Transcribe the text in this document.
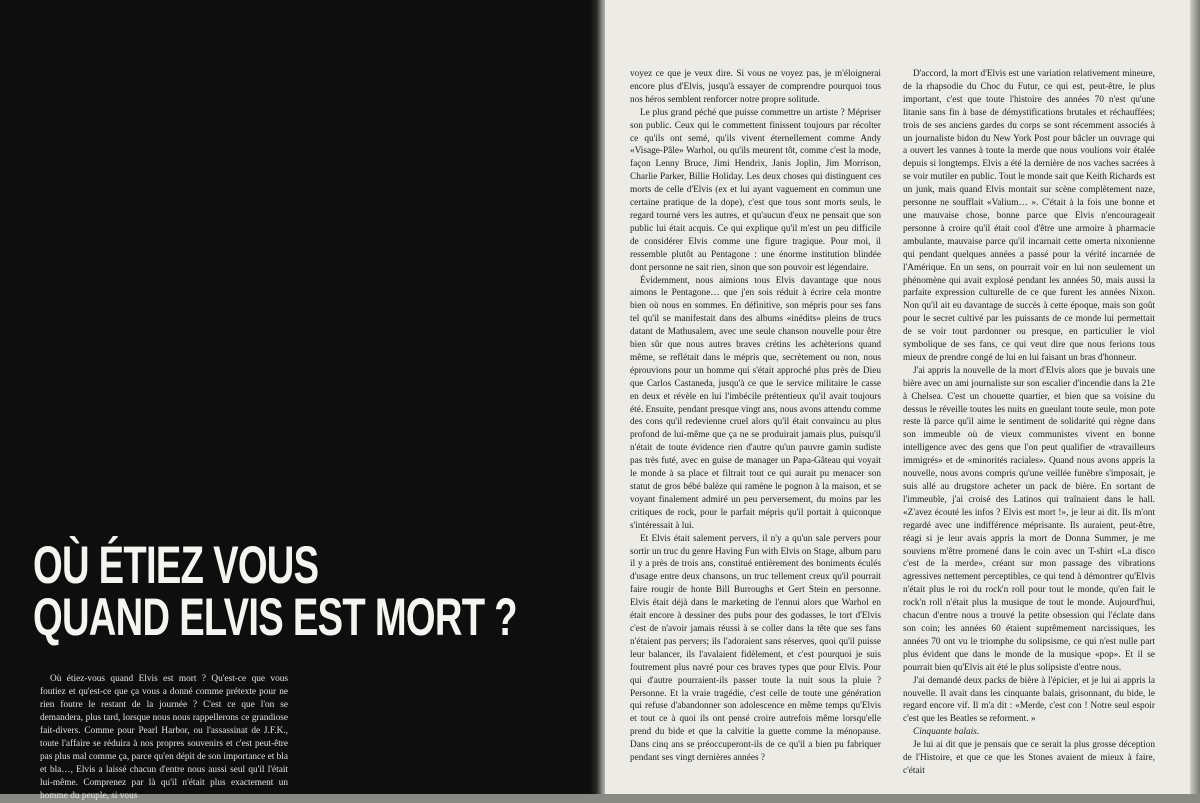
OÙ ÉTIEZ VOUS
QUAND ELVIS EST MORT ?

Où étiez-vous quand Elvis est mort ? Qu'est-ce que vous foutiez et qu'est-ce que ça vous a donné comme prétexte pour ne rien foutre le restant de la journée ? C'est ce que l'on se demandera, plus tard, lorsque nous nous rappellerons ce grandiose fait-divers. Comme pour Pearl Harbor, ou l'assassinat de J.F.K., toute l'affaire se réduira à nos propres souvenirs et c'est peut-être pas plus mal comme ça, parce qu'en dépit de son importance et bla et bla…, Elvis a laissé chacun d'entre nous aussi seul qu'il l'était lui-même. Comprenez par là qu'il n'était plus exactement un homme du peuple, si vous

voyez ce que je veux dire. Si vous ne voyez pas, je m'éloignerai encore plus d'Elvis, jusqu'à essayer de comprendre pourquoi tous nos héros semblent renforcer notre propre solitude.

Le plus grand péché que puisse commettre un artiste ? Mépriser son public. Ceux qui le commettent finissent toujours par récolter ce qu'ils ont semé, qu'ils vivent éternellement comme Andy «Visage-Pâle» Warhol, ou qu'ils meurent tôt, comme c'est la mode, façon Lenny Bruce, Jimi Hendrix, Janis Joplin, Jim Morrison, Charlie Parker, Billie Holiday. Les deux choses qui distinguent ces morts de celle d'Elvis (ex et lui ayant vaguement en commun une certaine pratique de la dope), c'est que tous sont morts seuls, le regard tourné vers les autres, et qu'aucun d'eux ne pensait que son public lui était acquis. Ce qui explique qu'il m'est un peu difficile de considérer Elvis comme une figure tragique. Pour moi, il ressemble plutôt au Pentagone : une énorme institution blindée dont personne ne sait rien, sinon que son pouvoir est légendaire.

Évidemment, nous aimions tous Elvis davantage que nous aimons le Pentagone… que j'en sois réduit à écrire cela montre bien où nous en sommes. En définitive, son mépris pour ses fans tel qu'il se manifestait dans des albums «inédits» pleins de trucs datant de Mathusalem, avec une seule chanson nouvelle pour être bien sûr que nous autres braves crétins les achèterions quand même, se reflétait dans le mépris que, secrètement ou non, nous éprouvions pour un homme qui s'était approché plus près de Dieu que Carlos Castaneda, jusqu'à ce que le service militaire le casse en deux et révèle en lui l'imbécile prétentieux qu'il avait toujours été. Ensuite, pendant presque vingt ans, nous avons attendu comme des cons qu'il redevienne cruel alors qu'il était convaincu au plus profond de lui-même que ça ne se produirait jamais plus, puisqu'il n'était de toute évidence rien d'autre qu'un pauvre gamin sudiste pas très futé, avec en guise de manager un Papa-Gâteau qui voyait le monde à sa place et filtrait tout ce qui aurait pu menacer son statut de gros bébé balèze qui ramène le pognon à la maison, et se voyant finalement admiré un peu perversement, du moins par les critiques de rock, pour le parfait mépris qu'il portait à quiconque s'intéressait à lui.

Et Elvis était salement pervers, il n'y a qu'un sale pervers pour sortir un truc du genre Having Fun with Elvis on Stage, album paru il y a près de trois ans, constitué entièrement des boniments éculés d'usage entre deux chansons, un truc tellement creux qu'il pourrait faire rougir de honte Bill Burroughs et Gert Stein en personne. Elvis était déjà dans le marketing de l'ennui alors que Warhol en était encore à dessiner des pubs pour des godasses, le tort d'Elvis c'est de n'avoir jamais réussi à se coller dans la tête que ses fans n'étaient pas pervers; ils l'adoraient sans réserves, quoi qu'il puisse leur balancer, ils l'avalaient fidèlement, et c'est pourquoi je suis foutrement plus navré pour ces braves types que pour Elvis. Pour qui d'autre pourraient-ils passer toute la nuit sous la pluie ? Personne. Et la vraie tragédie, c'est celle de toute une génération qui refuse d'abandonner son adolescence en même temps qu'Elvis et tout ce à quoi ils ont pensé croire autrefois même lorsqu'elle prend du bide et que la calvitie la guette comme la ménopause. Dans cinq ans se préoccuperont-ils de ce qu'il a bien pu fabriquer pendant ses vingt dernières années ?

D'accord, la mort d'Elvis est une variation relativement mineure, de la rhapsodie du Choc du Futur, ce qui est, peut-être, le plus important, c'est que toute l'histoire des années 70 n'est qu'une litanie sans fin à base de démystifications brutales et réchauffées; trois de ses anciens gardes du corps se sont récemment associés à un journaliste bidon du New York Post pour bâcler un ouvrage qui a ouvert les vannes à toute la merde que nous voulions voir étalée depuis si longtemps. Elvis a été la dernière de nos vaches sacrées à se voir mutiler en public. Tout le monde sait que Keith Richards est un junk, mais quand Elvis montait sur scène complètement naze, personne ne soufflait «Valium… ». C'était à la fois une bonne et une mauvaise chose, bonne parce que Elvis n'encourageait personne à croire qu'il était cool d'être une armoire à pharmacie ambulante, mauvaise parce qu'il incarnait cette omerta nixonienne qui pendant quelques années a passé pour la vérité incarnée de l'Amérique. En un sens, on pourrait voir en lui non seulement un phénomène qui avait explosé pendant les années 50, mais aussi la parfaite expression culturelle de ce que furent les années Nixon. Non qu'il ait eu davantage de succès à cette époque, mais son goût pour le secret cultivé par les puissants de ce monde lui permettait de se voir tout pardonner ou presque, en particulier le viol symbolique de ses fans, ce qui veut dire que nous ferions tous mieux de prendre congé de lui en lui faisant un bras d'honneur.

J'ai appris la nouvelle de la mort d'Elvis alors que je buvais une bière avec un ami journaliste sur son escalier d'incendie dans la 21e à Chelsea. C'est un chouette quartier, et bien que sa voisine du dessus le réveille toutes les nuits en gueulant toute seule, mon pote reste là parce qu'il aime le sentiment de solidarité qui règne dans son immeuble où de vieux communistes vivent en bonne intelligence avec des gens que l'on peut qualifier de «travailleurs immigrés» et de «minorités raciales». Quand nous avons appris la nouvelle, nous avons compris qu'une veillée funèbre s'imposait, je suis allé au drugstore acheter un pack de bière. En sortant de l'immeuble, j'ai croisé des Latinos qui traînaient dans le hall. «Z'avez écouté les infos ? Elvis est mort !», je leur ai dit. Ils m'ont regardé avec une indifférence méprisante. Ils auraient, peut-être, réagi si je leur avais appris la mort de Donna Summer, je me souviens m'être promené dans le coin avec un T-shirt «La disco c'est de la merde», créant sur mon passage des vibrations agressives nettement perceptibles, ce qui tend à démontrer qu'Elvis n'était plus le roi du rock'n roll pour tout le monde, qu'en fait le rock'n roll n'était plus la musique de tout le monde. Aujourd'hui, chacun d'entre nous a trouvé la petite obsession qui l'éclate dans son coin; les années 60 étaient suprêmement narcissiques, les années 70 ont vu le triomphe du solipsisme, ce qui n'est nulle part plus évident que dans le monde de la musique «pop». Et il se pourrait bien qu'Elvis ait été le plus solipsiste d'entre nous.

J'ai demandé deux packs de bière à l'épicier, et je lui ai appris la nouvelle. Il avait dans les cinquante balais, grisonnant, du bide, le regard encore vif. Il m'a dit : «Merde, c'est con ! Notre seul espoir c'est que les Beatles se reforment. »

Cinquante balais.

Je lui ai dit que je pensais que ce serait la plus grosse déception de l'Histoire, et que ce que les Stones avaient de mieux à faire, c'était
